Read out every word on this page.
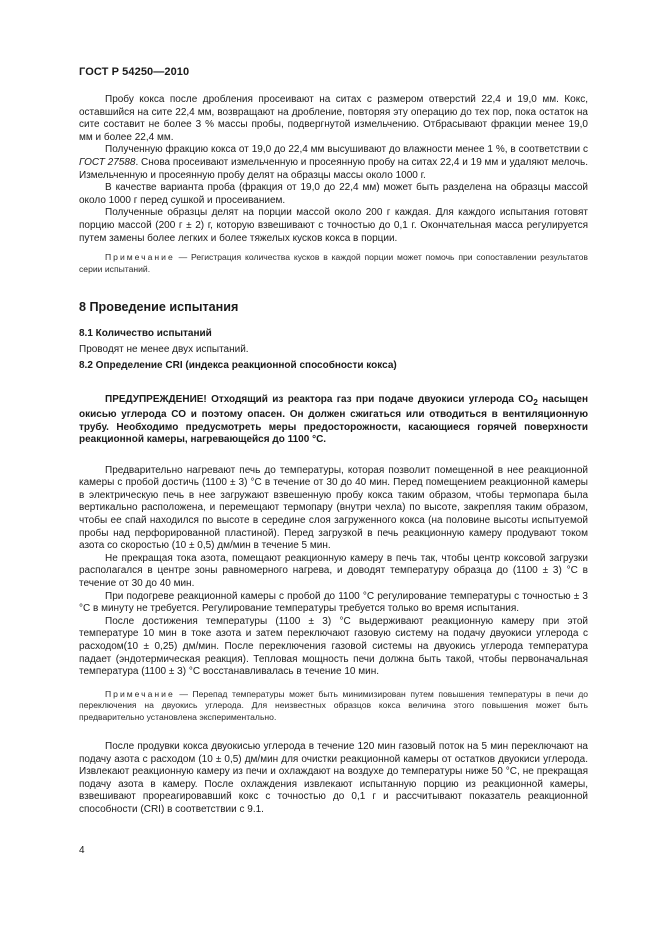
ГОСТ Р 54250—2010

Пробу кокса после дробления просеивают на ситах с размером отверстий 22,4 и 19,0 мм. Кокс, оставшийся на сите 22,4 мм, возвращают на дробление, повторяя эту операцию до тех пор, пока остаток на сите составит не более 3 % массы пробы, подвергнутой измельчению. Отбрасывают фракции менее 19,0 мм и более 22,4 мм.

Полученную фракцию кокса от 19,0 до 22,4 мм высушивают до влажности менее 1 %, в соответствии с ГОСТ 27588. Снова просеивают измельченную и просеянную пробу на ситах 22,4 и 19 мм и удаляют мелочь. Измельченную и просеянную пробу делят на образцы массы около 1000 г.

В качестве варианта проба (фракция от 19,0 до 22,4 мм) может быть разделена на образцы массой около 1000 г перед сушкой и просеиванием.

Полученные образцы делят на порции массой около 200 г каждая. Для каждого испытания готовят порцию массой (200 г ± 2) г, которую взвешивают с точностью до 0,1 г. Окончательная масса регулируется путем замены более легких и более тяжелых кусков кокса в порции.

Примечание — Регистрация количества кусков в каждой порции может помочь при сопоставлении результатов серии испытаний.

8 Проведение испытания

8.1 Количество испытаний

Проводят не менее двух испытаний.

8.2 Определение CRI (индекса реакционной способности кокса)

ПРЕДУПРЕЖДЕНИЕ! Отходящий из реактора газ при подаче двуокиси углерода $CO_2$ насыщен окисью углерода СО и поэтому опасен. Он должен сжигаться или отводиться в вентиляционную трубу. Необходимо предусмотреть меры предосторожности, касающиеся горячей поверхности реакционной камеры, нагревающейся до 1100 °С.

Предварительно нагревают печь до температуры, которая позволит помещенной в нее реакционной камеры с пробой достичь (1100 ± 3) °С в течение от 30 до 40 мин. Перед помещением реакционной камеры в электрическую печь в нее загружают взвешенную пробу кокса таким образом, чтобы термопара была вертикально расположена, и перемещают термопару (внутри чехла) по высоте, закрепляя таким образом, чтобы ее спай находился по высоте в середине слоя загруженного кокса (на половине высоты испытуемой пробы над перфорированной пластиной). Перед загрузкой в печь реакционную камеру продувают током азота со скоростью (10 ± 0,5) дм/мин в течение 5 мин.

Не прекращая тока азота, помещают реакционную камеру в печь так, чтобы центр коксовой загрузки располагался в центре зоны равномерного нагрева, и доводят температуру образца до (1100 ± 3) °С в течение от 30 до 40 мин.

При подогреве реакционной камеры с пробой до 1100 °С регулирование температуры с точностью ± 3 °С в минуту не требуется. Регулирование температуры требуется только во время испытания.

После достижения температуры (1100 ± 3) °С выдерживают реакционную камеру при этой температуре 10 мин в токе азота и затем переключают газовую систему на подачу двуокиси углерода с расходом(10 ± 0,25) дм/мин. После переключения газовой системы на двуокись углерода температура падает (эндотермическая реакция). Тепловая мощность печи должна быть такой, чтобы первоначальная температура (1100 ± 3) °С восстанавливалась в течение 10 мин.

Примечание — Перепад температуры может быть минимизирован путем повышения температуры в печи до переключения на двуокись углерода. Для неизвестных образцов кокса величина этого повышения может быть предварительно установлена экспериментально.

После продувки кокса двуокисью углерода в течение 120 мин газовый поток на 5 мин переключают на подачу азота с расходом (10 ± 0,5) дм/мин для очистки реакционной камеры от остатков двуокиси углерода. Извлекают реакционную камеру из печи и охлаждают на воздухе до температуры ниже 50 °С, не прекращая подачу азота в камеру. После охлаждения извлекают испытанную порцию из реакционной камеры, взвешивают прореагировавший кокс с точностью до 0,1 г и рассчитывают показатель реакционной способности (CRI) в соответствии с 9.1.

4
